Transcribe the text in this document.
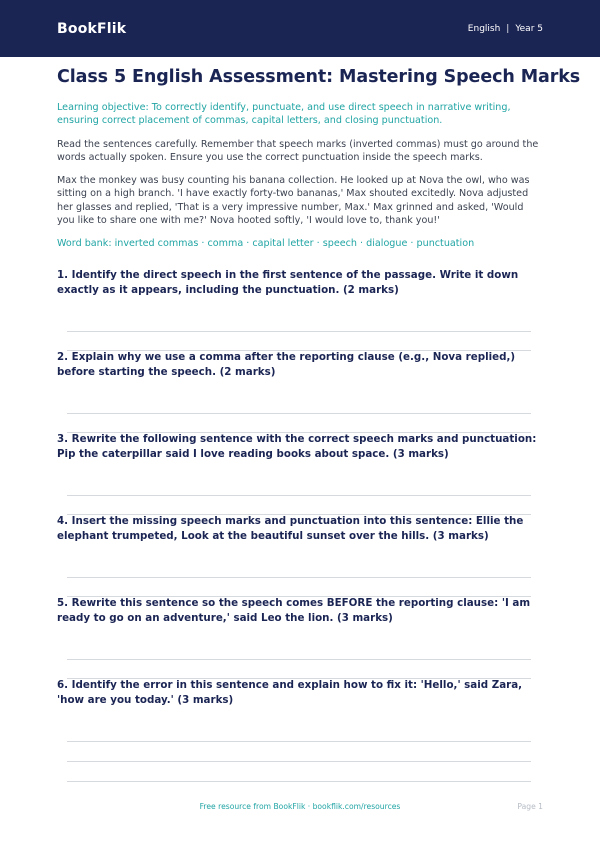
BookFlik	English | Year 5
Class 5 English Assessment: Mastering Speech Marks

Learning objective: To correctly identify, punctuate, and use direct speech in narrative writing, ensuring correct placement of commas, capital letters, and closing punctuation.

Read the sentences carefully. Remember that speech marks (inverted commas) must go around the words actually spoken. Ensure you use the correct punctuation inside the speech marks.

Max the monkey was busy counting his banana collection. He looked up at Nova the owl, who was sitting on a high branch. 'I have exactly forty-two bananas,' Max shouted excitedly. Nova adjusted her glasses and replied, 'That is a very impressive number, Max.' Max grinned and asked, 'Would you like to share one with me?' Nova hooted softly, 'I would love to, thank you!'

Word bank: inverted commas · comma · capital letter · speech · dialogue · punctuation

1. Identify the direct speech in the first sentence of the passage. Write it down exactly as it appears, including the punctuation. (2 marks)

2. Explain why we use a comma after the reporting clause (e.g., Nova replied,) before starting the speech. (2 marks)

3. Rewrite the following sentence with the correct speech marks and punctuation: Pip the caterpillar said I love reading books about space. (3 marks)

4. Insert the missing speech marks and punctuation into this sentence: Ellie the elephant trumpeted, Look at the beautiful sunset over the hills. (3 marks)

5. Rewrite this sentence so the speech comes BEFORE the reporting clause: 'I am ready to go on an adventure,' said Leo the lion. (3 marks)

6. Identify the error in this sentence and explain how to fix it: 'Hello,' said Zara, 'how are you today.' (3 marks)

Free resource from BookFlik · bookflik.com/resources	Page 1
